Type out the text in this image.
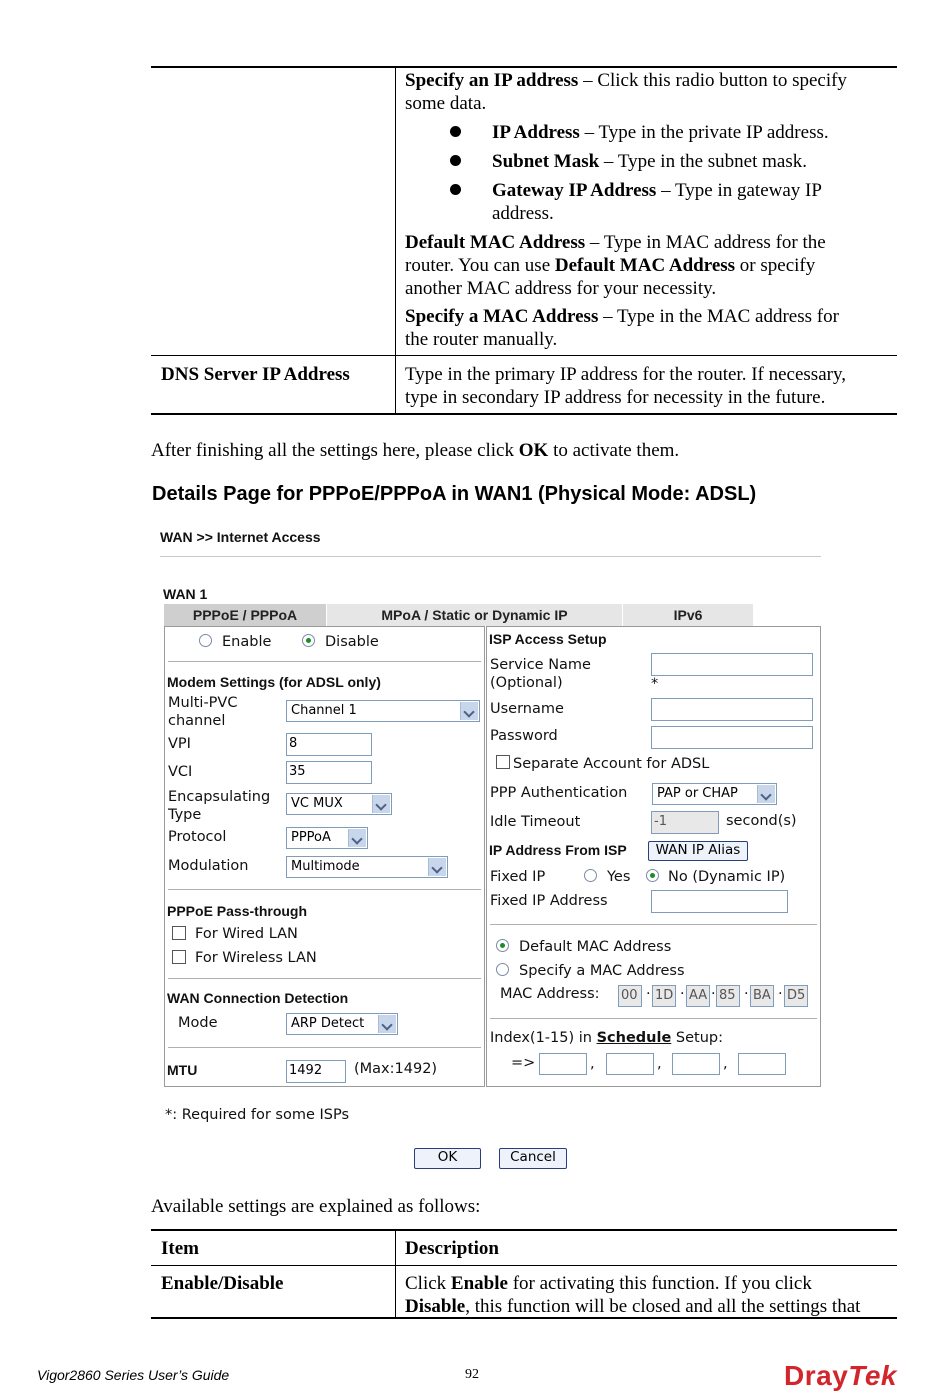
Specify an IP address – Click this radio button to specify
some data.
IP Address – Type in the private IP address.
Subnet Mask – Type in the subnet mask.
Gateway IP Address – Type in gateway IP
address.
Default MAC Address – Type in MAC address for the
router. You can use Default MAC Address or specify
another MAC address for your necessity.
Specify a MAC Address – Type in the MAC address for
the router manually.
DNS Server IP Address	Type in the primary IP address for the router. If necessary,
type in secondary IP address for necessity in the future.
After finishing all the settings here, please click OK to activate them.
Details Page for PPPoE/PPPoA in WAN1 (Physical Mode: ADSL)
WAN >> Internet Access
WAN 1
PPPoE / PPPoA	MPoA / Static or Dynamic IP	IPv6
Enable	Disable
Modem Settings (for ADSL only)
Multi-PVC
channel
Channel 1
VPI	8
VCI	35
Encapsulating
Type
VC MUX
Protocol	PPPoA
Modulation	Multimode
PPPoE Pass-through
For Wired LAN
For Wireless LAN
WAN Connection Detection
Mode	ARP Detect
MTU	1492	(Max:1492)
ISP Access Setup
Service Name
(Optional)	*
Username
Password
Separate Account for ADSL
PPP Authentication	PAP or CHAP
Idle Timeout	-1	second(s)
IP Address From ISP	WAN IP Alias
Fixed IP	Yes	No (Dynamic IP)
Fixed IP Address
Default MAC Address
Specify a MAC Address
MAC Address: 00 · 1D · AA · 85 · BA · D5
Index(1-15) in Schedule Setup:
=>	,	,	,
*: Required for some ISPs
OK	Cancel
Available settings are explained as follows:
Item	Description
Enable/Disable	Click Enable for activating this function. If you click
Disable, this function will be closed and all the settings that
Vigor2860 Series User’s Guide	92	DrayTek
